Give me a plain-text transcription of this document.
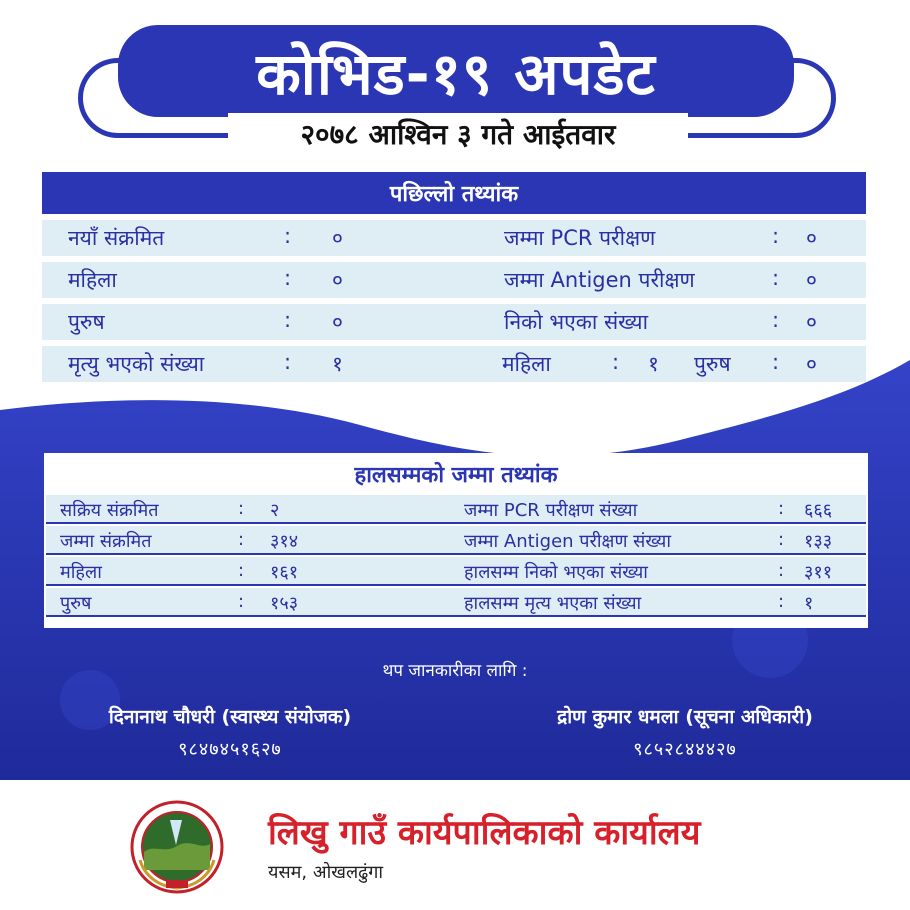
कोभिड-१९ अपडेट
२०७८ आश्विन ३ गते आईतवार
पछिल्लो तथ्यांक
नयाँ संक्रमित	: ०	जम्मा PCR परीक्षण	: ०
महिला	: ०	जम्मा Antigen परीक्षण	: ०
पुरुष	: ०	निको भएका संख्या	: ०
मृत्यु भएको संख्या	: १	महिला	: १ पुरुष : ०
हालसम्मको जम्मा तथ्यांक
सक्रिय संक्रमित	: २	जम्मा PCR परीक्षण संख्या	: ६६६
जम्मा संक्रमित	: ३१४	जम्मा Antigen परीक्षण संख्या	: १३३
महिला	: १६१	हालसम्म निको भएका संख्या	: ३११
पुरुष	: १५३	हालसम्म मृत्य भएका संख्या	: १
थप जानकारीका लागि :
दिनानाथ चौधरी (स्वास्थ्य संयोजक)
९८४७४५१६२७
द्रोण कुमार धमला (सूचना अधिकारी)
९८५२८४४४२७
लिखु गाउँ कार्यपालिकाको कार्यालय
यसम, ओखलढुंगा
